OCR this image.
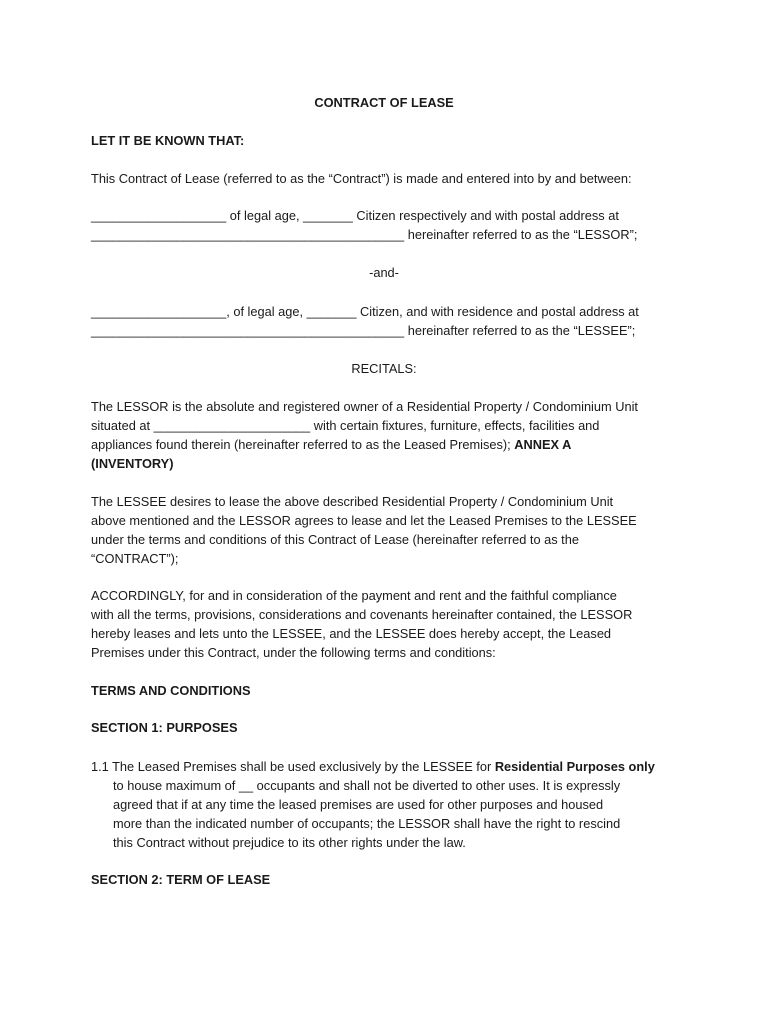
CONTRACT OF LEASE

LET IT BE KNOWN THAT:

This Contract of Lease (referred to as the “Contract”) is made and entered into by and between:

___________________ of legal age, _______ Citizen respectively and with postal address at
____________________________________________ hereinafter referred to as the “LESSOR”;

-and-

___________________, of legal age, _______ Citizen, and with residence and postal address at
____________________________________________ hereinafter referred to as the “LESSEE”;

RECITALS:

The LESSOR is the absolute and registered owner of a Residential Property / Condominium Unit
situated at ______________________ with certain fixtures, furniture, effects, facilities and
appliances found therein (hereinafter referred to as the Leased Premises); ANNEX A
(INVENTORY)
The LESSEE desires to lease the above described Residential Property / Condominium Unit
above mentioned and the LESSOR agrees to lease and let the Leased Premises to the LESSEE
under the terms and conditions of this Contract of Lease (hereinafter referred to as the
“CONTRACT”);
ACCORDINGLY, for and in consideration of the payment and rent and the faithful compliance
with all the terms, provisions, considerations and covenants hereinafter contained, the LESSOR
hereby leases and lets unto the LESSEE, and the LESSEE does hereby accept, the Leased
Premises under this Contract, under the following terms and conditions:

TERMS AND CONDITIONS

SECTION 1: PURPOSES

1.1 The Leased Premises shall be used exclusively by the LESSEE for Residential Purposes only
to house maximum of __ occupants and shall not be diverted to other uses. It is expressly
agreed that if at any time the leased premises are used for other purposes and housed
more than the indicated number of occupants; the LESSOR shall have the right to rescind
this Contract without prejudice to its other rights under the law.

SECTION 2: TERM OF LEASE
